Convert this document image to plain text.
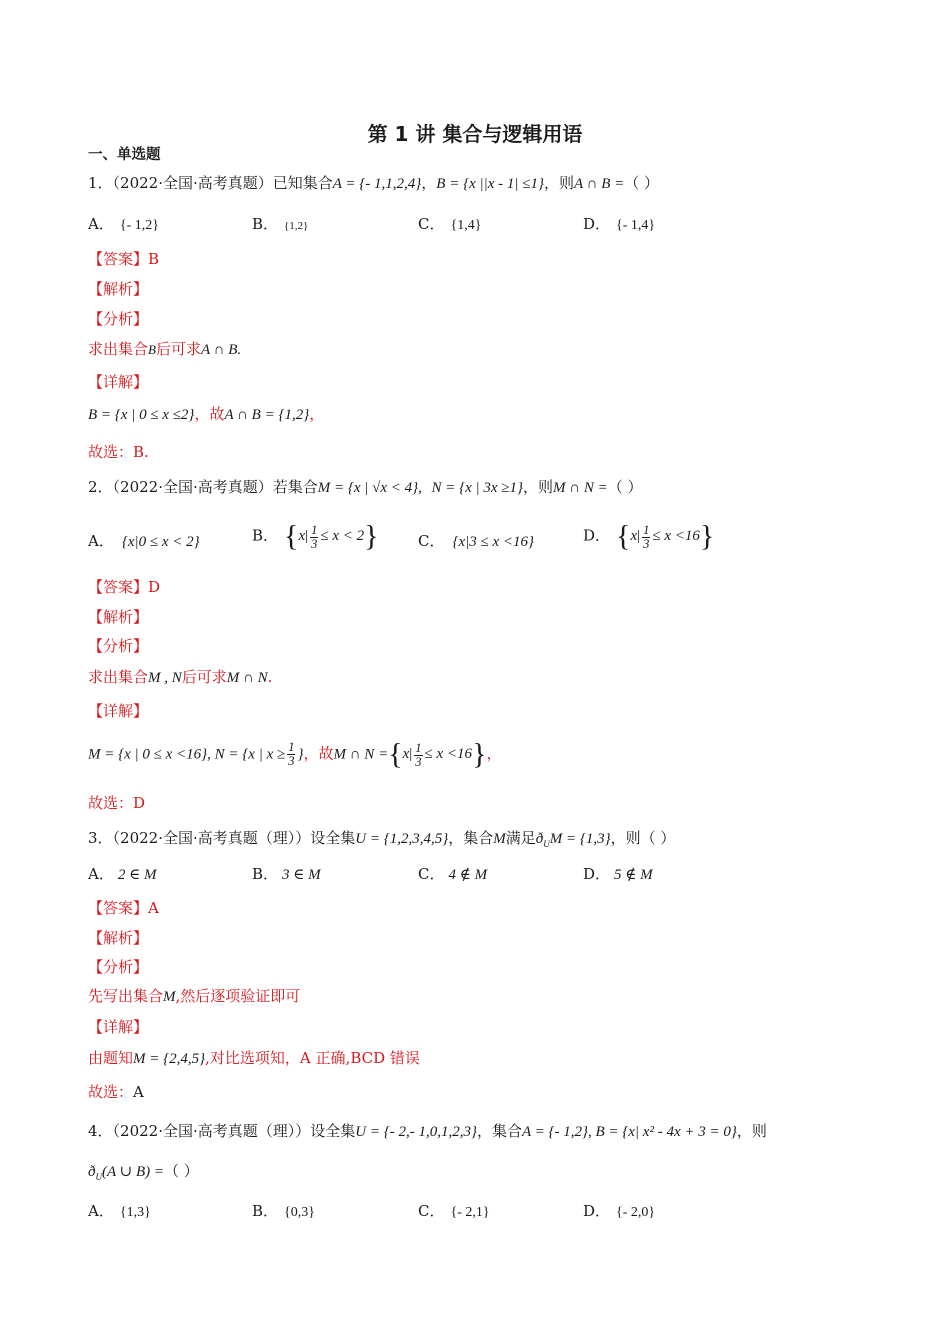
第 1 讲 集合与逻辑用语
一、单选题
1．（2022·全国·高考真题）已知集合A = {- 1,1,2,4}，B = {x ||x - 1| ≤1}，则A ∩ B =（ ）
A． {- 1,2}	B． {1,2}	C． {1,4}	D． {- 1,4}
【答案】B
【解析】
【分析】
求出集合B后可求A ∩ B.
【详解】
B = {x | 0 ≤ x ≤2}，故A ∩ B = {1,2}，
故选：B.
2．（2022·全国·高考真题）若集合M = {x | √x < 4}, N = {x | 3x ≥1}，则M ∩ N =（ ）
A． {x|0 ≤ x < 2}	B． $\{x| \frac{1}{3} \le x < 2\}$	C． {x|3 ≤ x <16}	D． $\{x| \frac{1}{3} \le x <16\}$
【答案】D
【解析】
【分析】
求出集合M , N后可求M ∩ N.
【详解】
M = {x | 0 ≤ x <16}, N = {x | $x \ge \frac{1}{3}$ }，故M ∩ $N =\{x| \frac{1}{3} \le x <16\}$，
故选：D
3．（2022·全国·高考真题（理））设全集U = {1,2,3,4,5}，集合M满足$ð_UM = \{1,3\}$，则（ ）
A． 2 ∈ M	B． 3 ∈ M	C． 4 ∉ M	D． 5 ∉ M
【答案】A
【解析】
【分析】
先写出集合M,然后逐项验证即可
【详解】
由题知M = {2,4,5},对比选项知，A 正确,BCD 错误
故选：A
4．（2022·全国·高考真题（理））设全集U = {- 2,- 1,0,1,2,3}，集合A = {- 1,2}, B = {x| x² - 4x + 3 = 0}，则
$ð_U(A$ ∪ B) =（ ）
A． {1,3}	B． {0,3}	C． {- 2,1}	D． {- 2,0}
